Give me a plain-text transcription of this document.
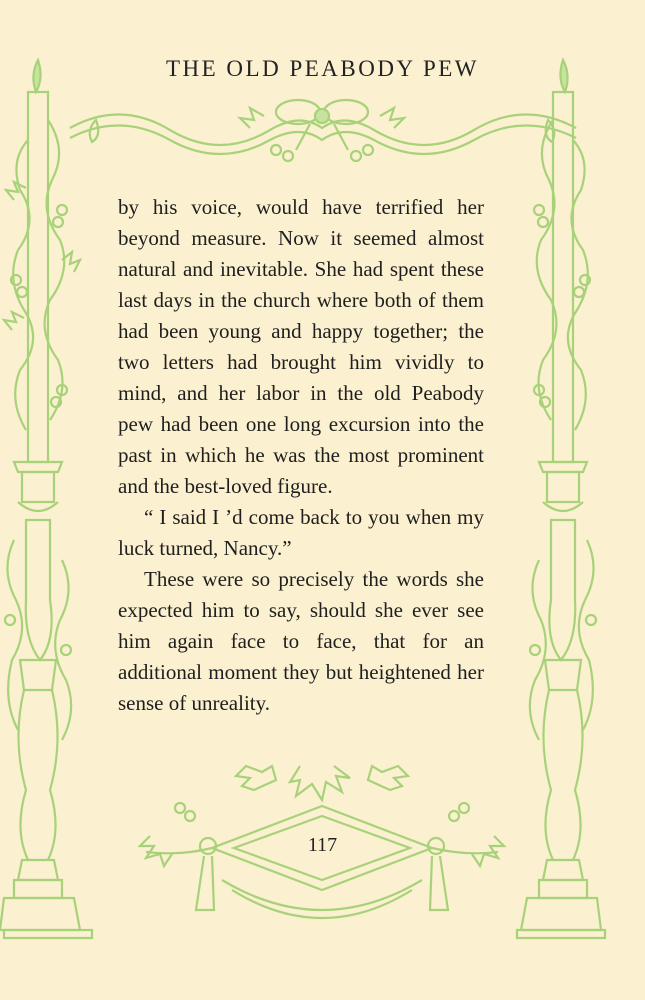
THE OLD PEABODY PEW

by his voice, would have terrified her beyond measure. Now it seemed almost natural and inevitable. She had spent these last days in the church where both of them had been young and happy together; the two letters had brought him vividly to mind, and her labor in the old Peabody pew had been one long excursion into the past in which he was the most prominent and the best-loved figure.

“ I said I ’d come back to you when my luck turned, Nancy.”

These were so precisely the words she expected him to say, should she ever see him again face to face, that for an additional moment they but heightened her sense of unreality.

117
